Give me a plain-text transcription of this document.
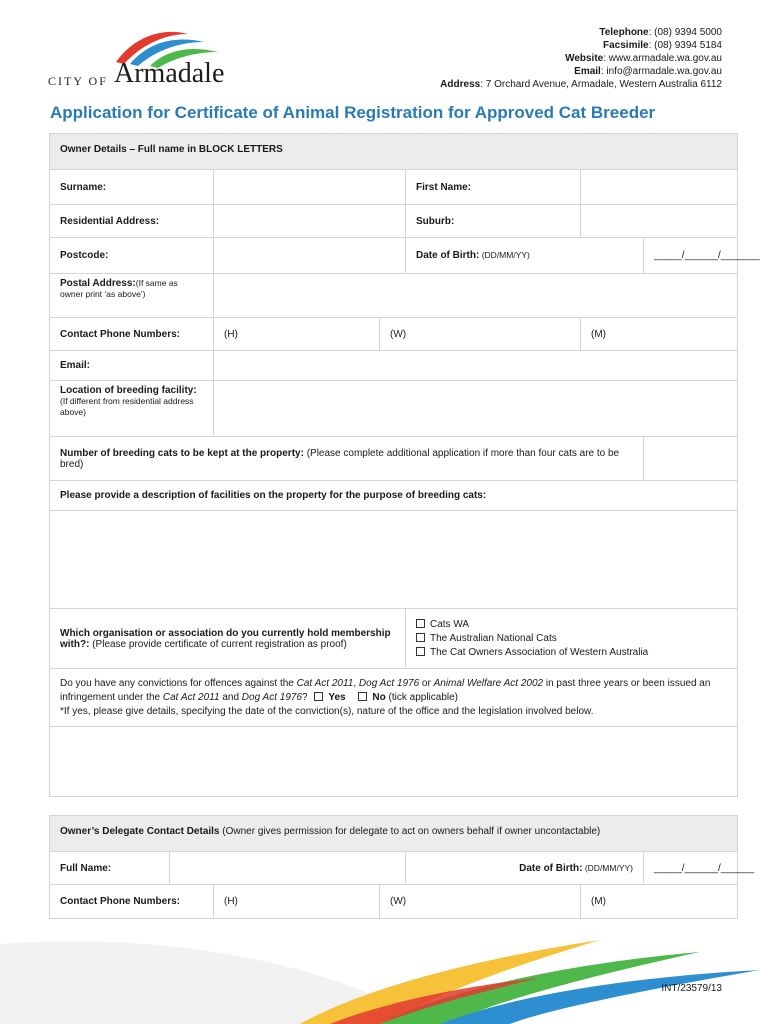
CITY OF Armadale
Telephone: (08) 9394 5000
Facsimile: (08) 9394 5184
Website: www.armadale.wa.gov.au
Email: info@armadale.wa.gov.au
Address: 7 Orchard Avenue, Armadale, Western Australia 6112
Application for Certificate of Animal Registration for Approved Cat Breeder
Owner Details – Full name in BLOCK LETTERS					
Surname:			First Name:		
Residential Address:			Suburb:		
Postcode:			Date of Birth: (DD/MM/YY)		_____/______/_______
Postal Address:(If same as owner print ‘as above’)					
Contact Phone Numbers:	(H)	(W)		(M)	
Email:					
Location of breeding facility:
(If different from residential address above)					
Number of breeding cats to be kept at the property: (Please complete additional application if more than four cats are to be bred)					
Please provide a description of facilities on the property for the purpose of breeding cats:					

Which organisation or association do you currently hold membership with?: (Please provide certificate of current registration as proof)			Cats WA
The Australian National Cats
The Cat Owners Association of Western Australia		

Do you have any convictions for offences against the Cat Act 2011, Dog Act 1976 or Animal Welfare Act 2002 in past three years or been issued an infringement under the Cat Act 2011 and Dog Act 1976? Yes No (tick applicable)
*If yes, please give details, specifying the date of the conviction(s), nature of the office and the legislation involved below.					

Owner’s Delegate Contact Details (Owner gives permission for delegate to act on owners behalf if owner uncontactable)						
Full Name:				Date of Birth: (DD/MM/YY)		_____/______/______
Contact Phone Numbers:		(H)	(W)		(M)	
INT/23579/13
